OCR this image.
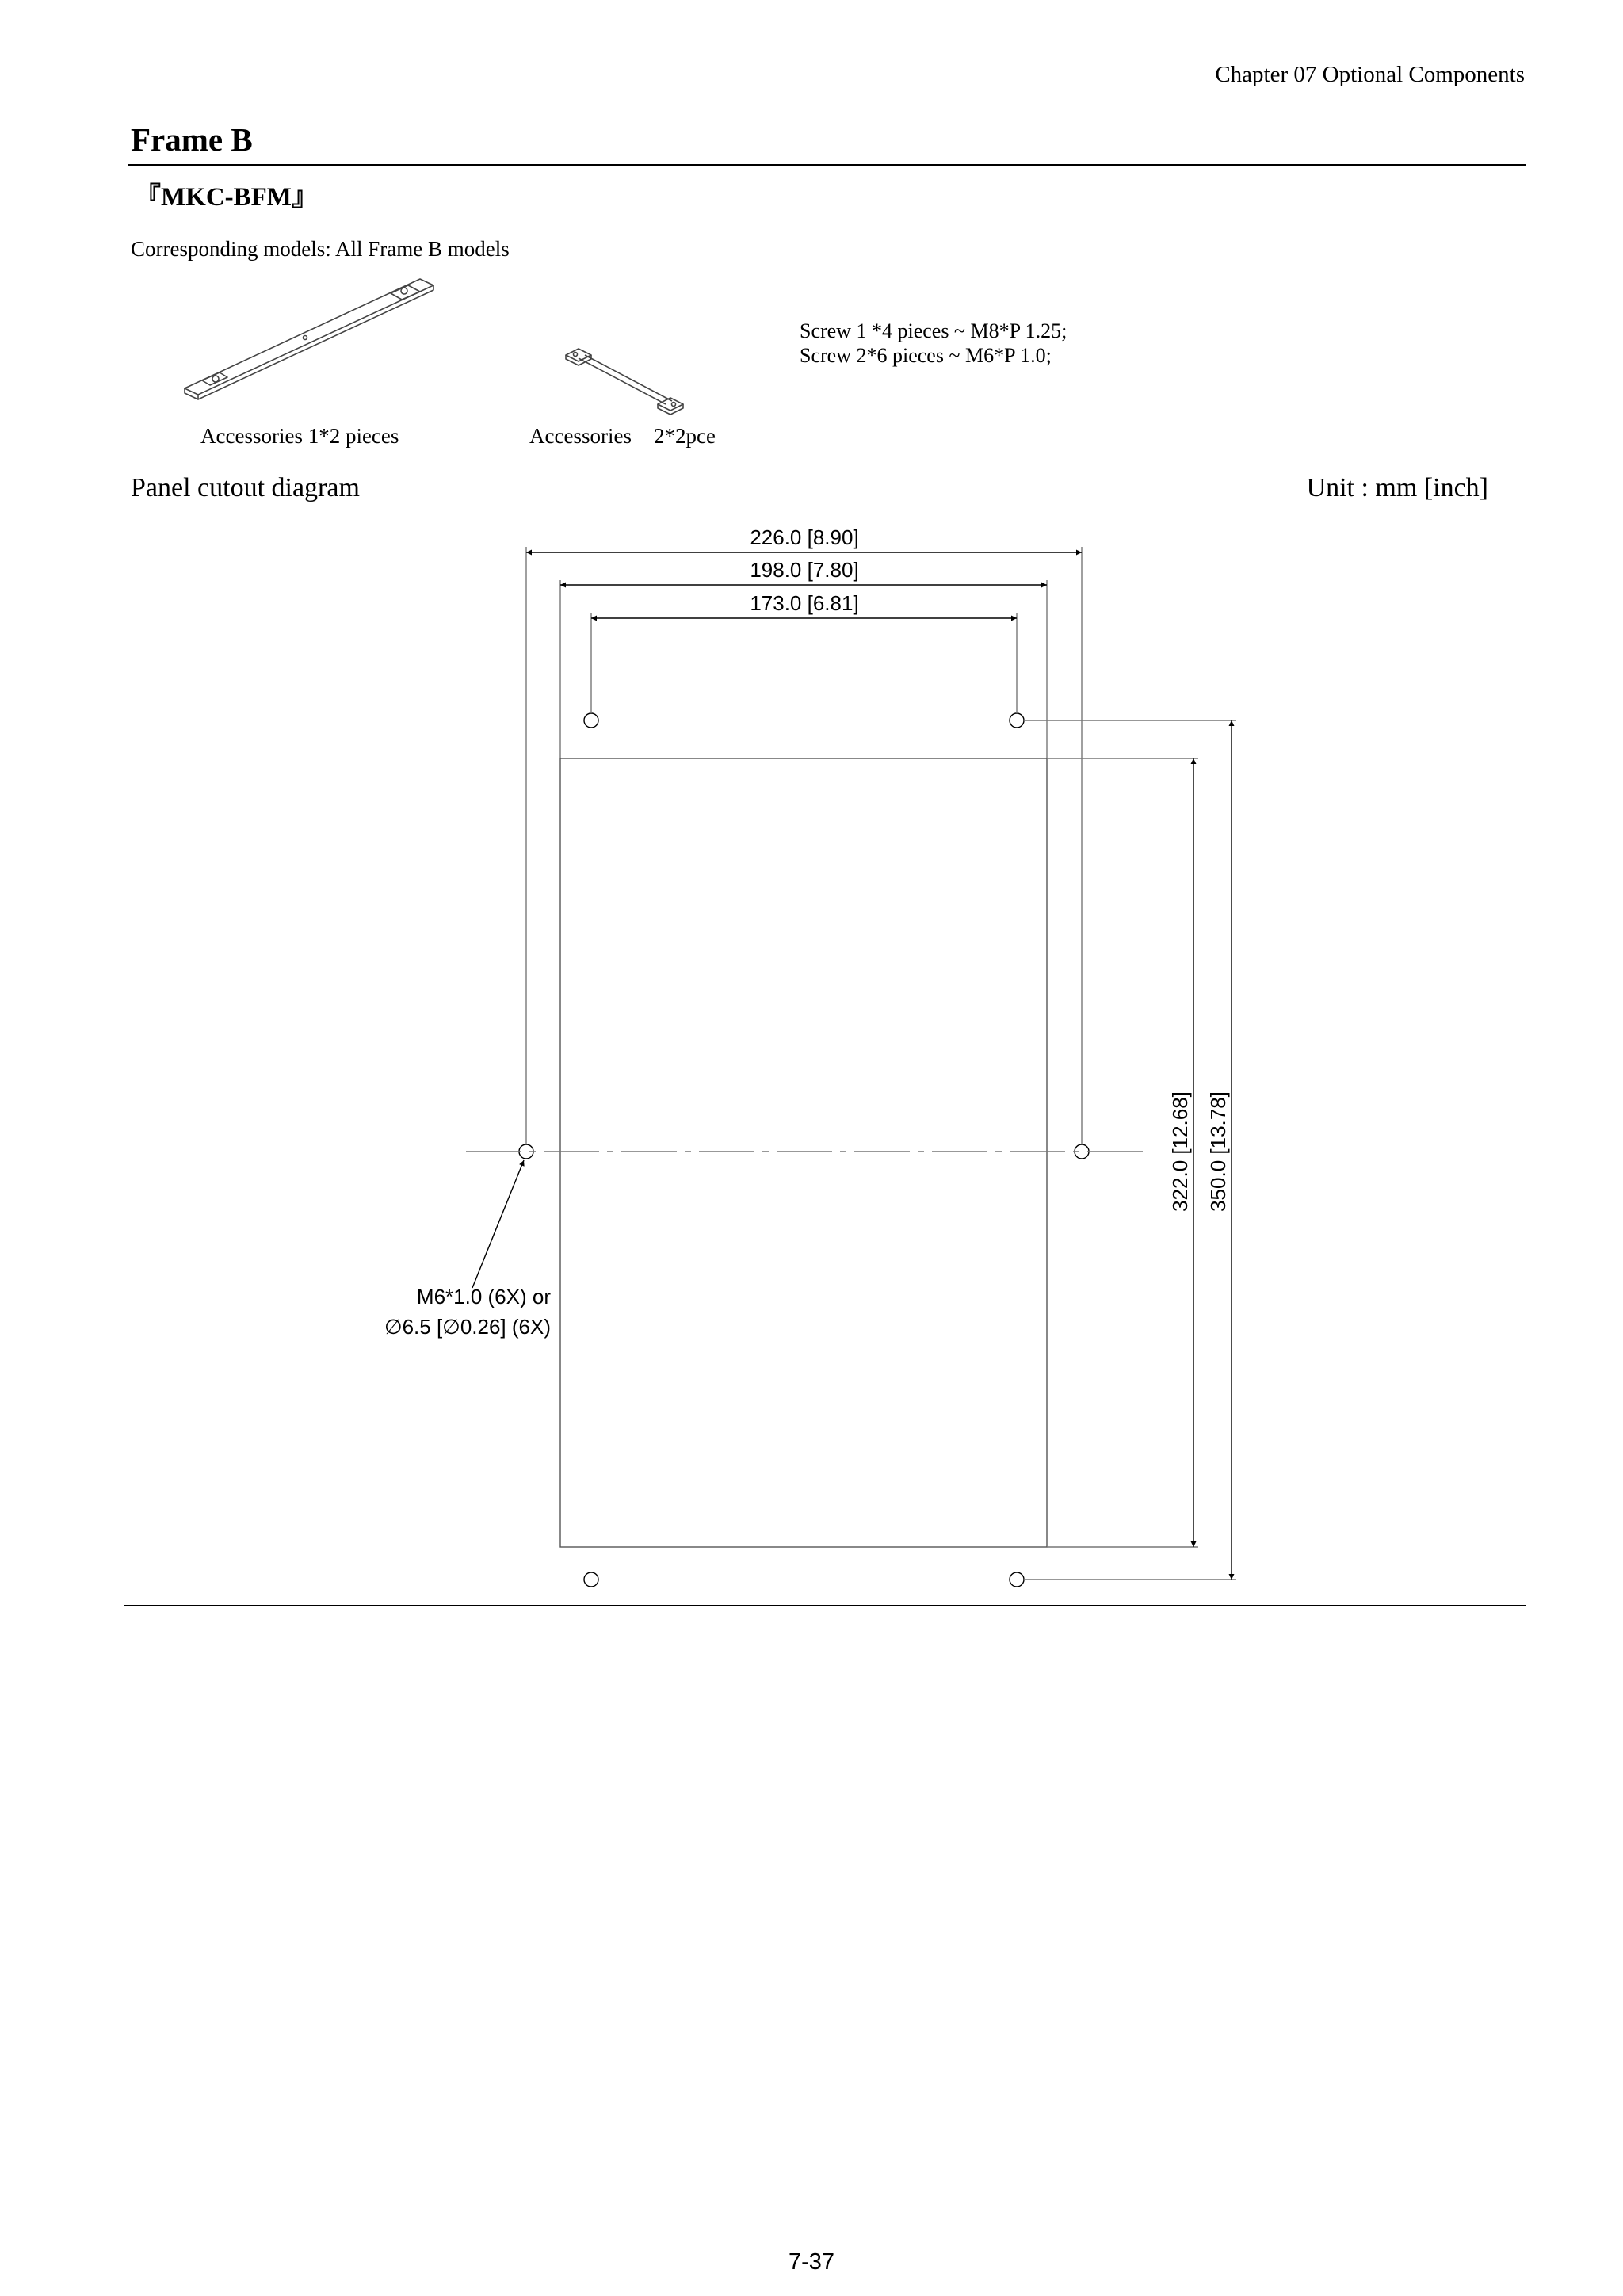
Chapter 07 Optional Components
Frame B
『MKC-BFM』
Corresponding models: All Frame B models
Screw 1 *4 pieces ~ M8*P 1.25;
Screw 2*6 pieces ~ M6*P 1.0;
Accessories 1*2 pieces	Accessories 2*2pce
Panel cutout diagram	Unit : mm [inch]
226.0 [8.90]
198.0 [7.80]
173.0 [6.81]
322.0 [12.68] 350.0 [13.78]
M6*1.0 (6X) or
∅6.5 [∅0.26] (6X)
7-37
